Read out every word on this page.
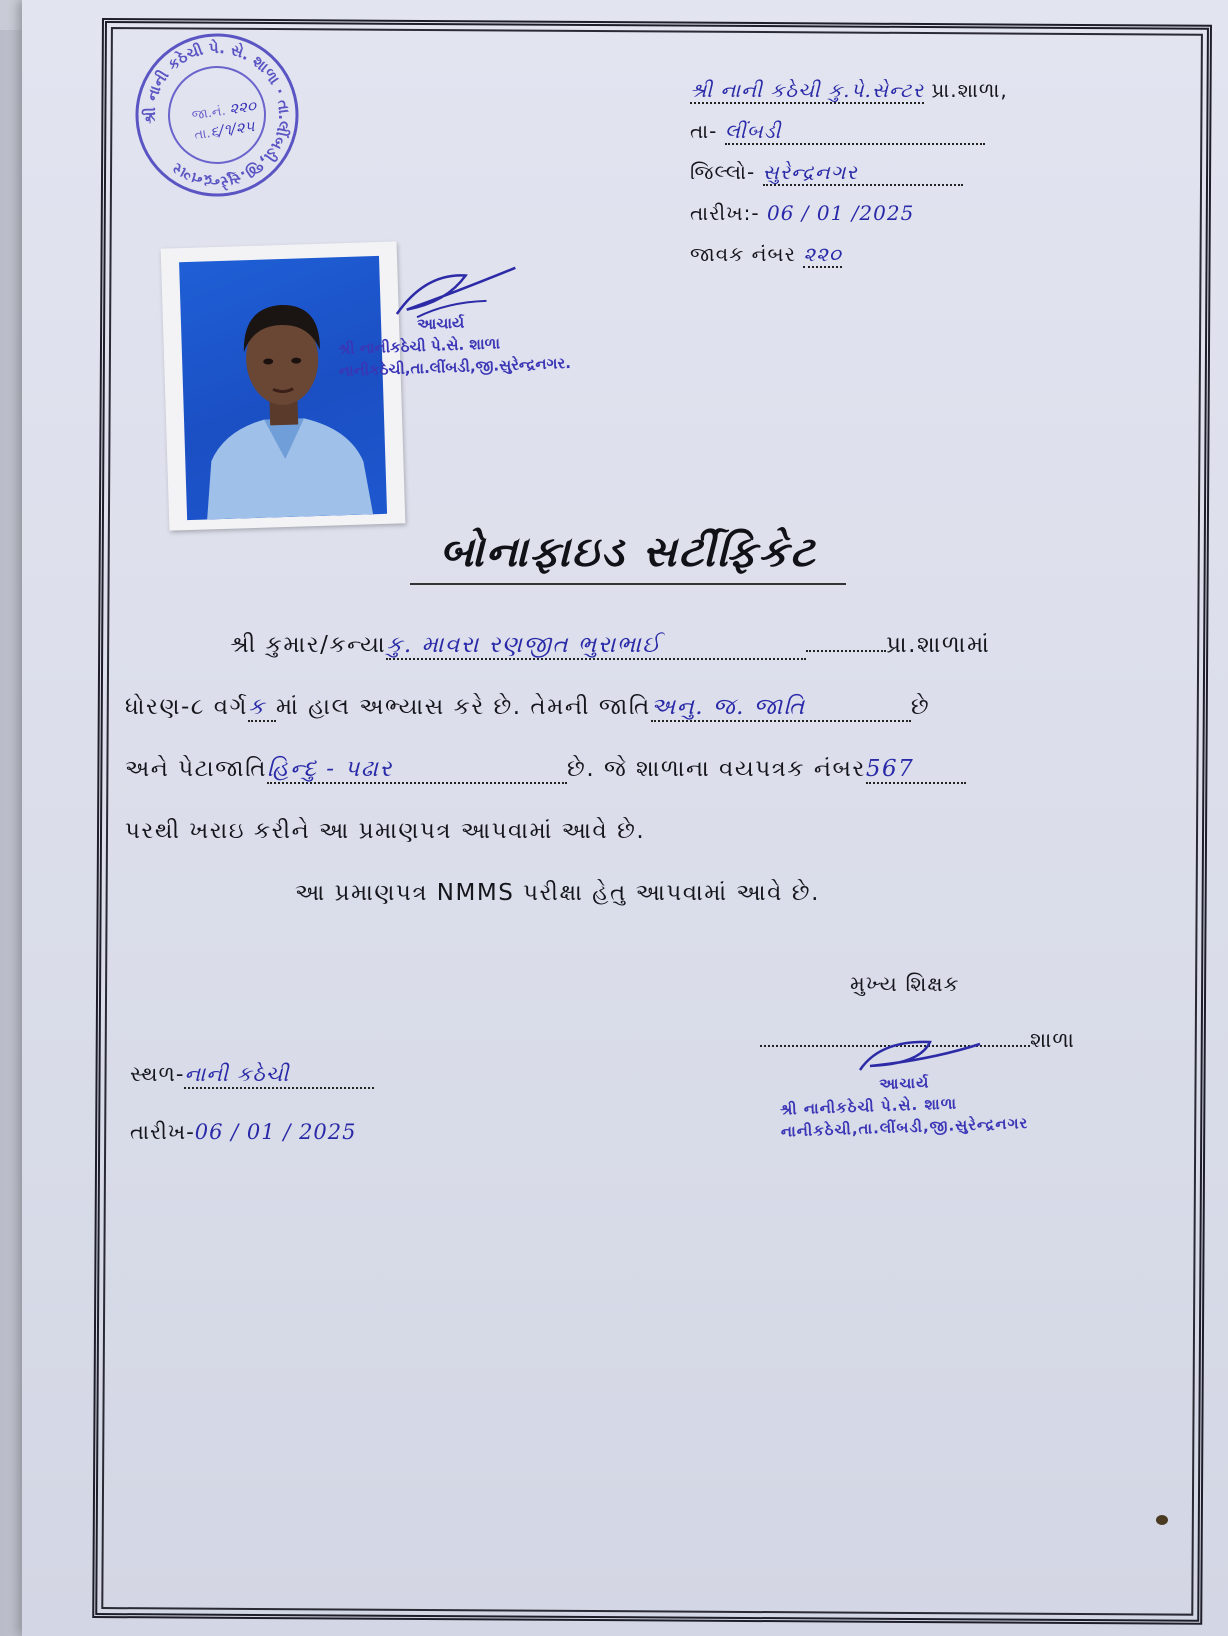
શ્રી નાની કઠેચી પે. સે. શાળા · તા.લીંબડી,જી.સુરેન્દ્રનગર
જા.નં. ૨૨૦
તા.૬/૧/૨૫
શ્રી નાની કઠેચી કુ.પે.સેન્ટર પ્રા.શાળા,
તા- લીંબડી
જિલ્લો- સુરેન્દ્રનગર
તારીખ:- 06 / 01 /2025
જાવક નંબર ૨૨૦
આચાર્ય
શ્રી નાનીકઠેચી પે.સે. શાળા
નાનીકઠેચી,તા.લીંબડી,જી.સુરેન્દ્રનગર.
બોનાફાઇડ સર્ટીફિકેટ
શ્રી કુમાર/કન્યાકુ. માવરા રણજીત ભુરાભાઈ	પ્રા.શાળામાં
ધોરણ-૮ વર્ગક માં હાલ અભ્યાસ કરે છે. તેમની જાતિઅનુ. જ. જાતિ	છે
અને પેટાજાતિહિન્દુ - પઢાર	છે. જે શાળાના વયપત્રક નંબર567
પરથી ખરાઇ કરીને આ પ્રમાણપત્ર આપવામાં આવે છે.
આ પ્રમાણપત્ર NMMS પરીક્ષા હેતુ આપવામાં આવે છે.
મુખ્ય શિક્ષક
શાળા
આચાર્ય
શ્રી નાનીકઠેચી પે.સે. શાળા
નાનીકઠેચી,તા.લીંબડી,જી.સુરેન્દ્રનગર
સ્થળ-નાની કઠેચી
તારીખ-06 / 01 / 2025
